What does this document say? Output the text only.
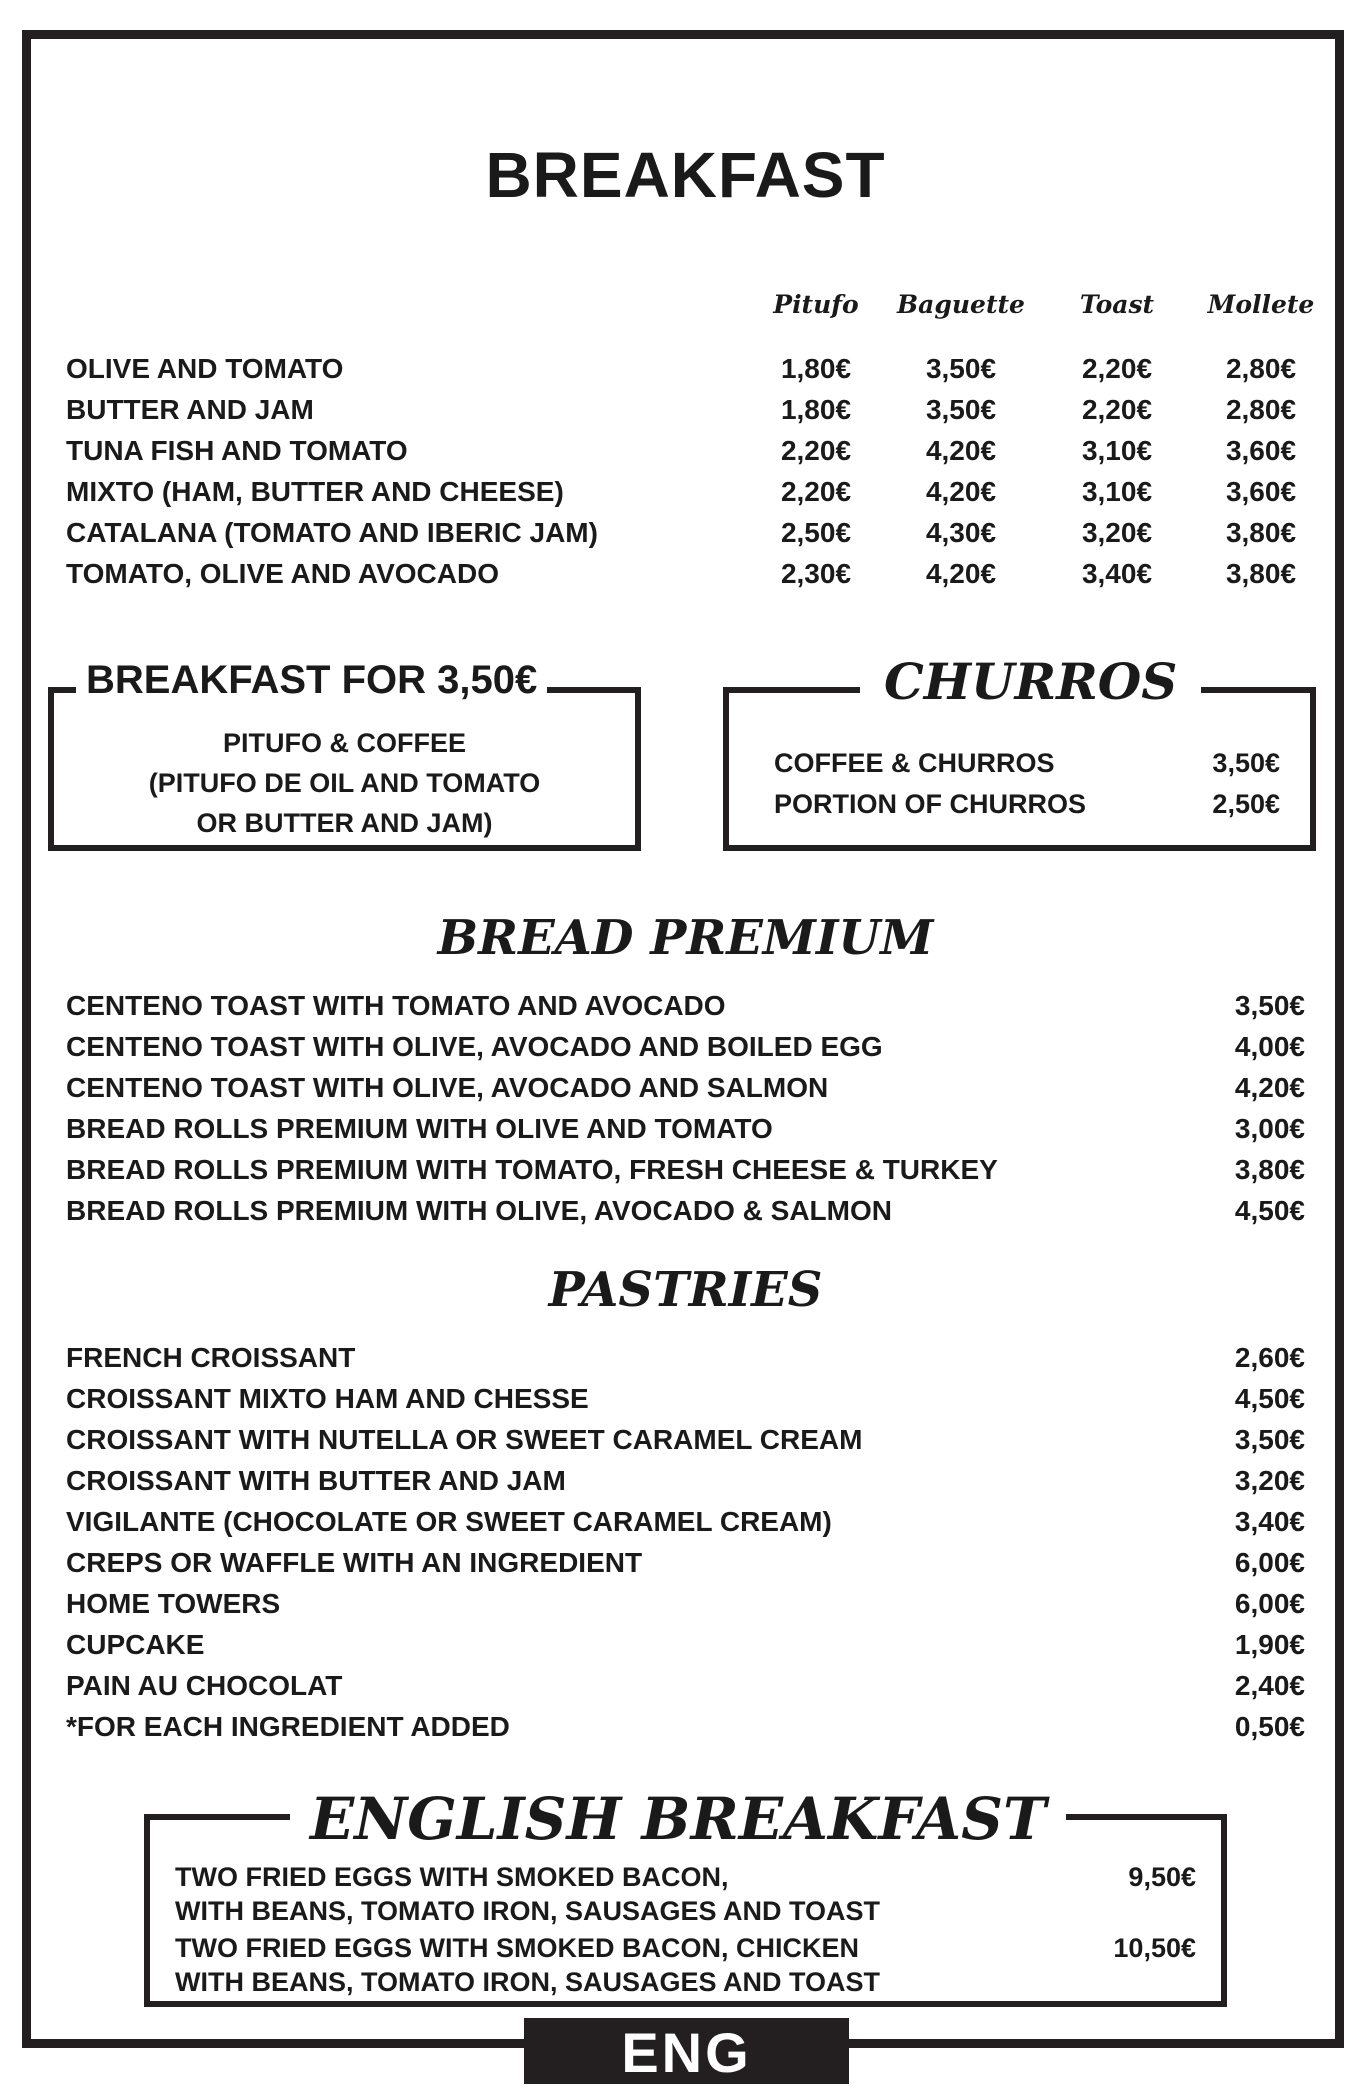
BREAKFAST
Pitufo	Baguette	Toast	Mollete
OLIVE AND TOMATO	1,80€	3,50€	2,20€	2,80€
BUTTER AND JAM	1,80€	3,50€	2,20€	2,80€
TUNA FISH AND TOMATO	2,20€	4,20€	3,10€	3,60€
MIXTO (HAM, BUTTER AND CHEESE)	2,20€	4,20€	3,10€	3,60€
CATALANA (TOMATO AND IBERIC JAM)	2,50€	4,30€	3,20€	3,80€
TOMATO, OLIVE AND AVOCADO	2,30€	4,20€	3,40€	3,80€
PITUFO & COFFEE
(PITUFO DE OIL AND TOMATO
OR BUTTER AND JAM)
BREAKFAST FOR 3,50€
COFFEE & CHURROS	3,50€
PORTION OF CHURROS	2,50€
CHURROS
BREAD PREMIUM
CENTENO TOAST WITH TOMATO AND AVOCADO	3,50€
CENTENO TOAST WITH OLIVE, AVOCADO AND BOILED EGG	4,00€
CENTENO TOAST WITH OLIVE, AVOCADO AND SALMON	4,20€
BREAD ROLLS PREMIUM WITH OLIVE AND TOMATO	3,00€
BREAD ROLLS PREMIUM WITH TOMATO, FRESH CHEESE & TURKEY	3,80€
BREAD ROLLS PREMIUM WITH OLIVE, AVOCADO & SALMON	4,50€
PASTRIES
FRENCH CROISSANT	2,60€
CROISSANT MIXTO HAM AND CHESSE	4,50€
CROISSANT WITH NUTELLA OR SWEET CARAMEL CREAM	3,50€
CROISSANT WITH BUTTER AND JAM	3,20€
VIGILANTE (CHOCOLATE OR SWEET CARAMEL CREAM)	3,40€
CREPS OR WAFFLE WITH AN INGREDIENT	6,00€
HOME TOWERS	6,00€
CUPCAKE	1,90€
PAIN AU CHOCOLAT	2,40€
*FOR EACH INGREDIENT ADDED	0,50€
TWO FRIED EGGS WITH SMOKED BACON,
WITH BEANS, TOMATO IRON, SAUSAGES AND TOAST
9,50€
TWO FRIED EGGS WITH SMOKED BACON, CHICKEN
WITH BEANS, TOMATO IRON, SAUSAGES AND TOAST
10,50€
ENGLISH BREAKFAST
ENG
